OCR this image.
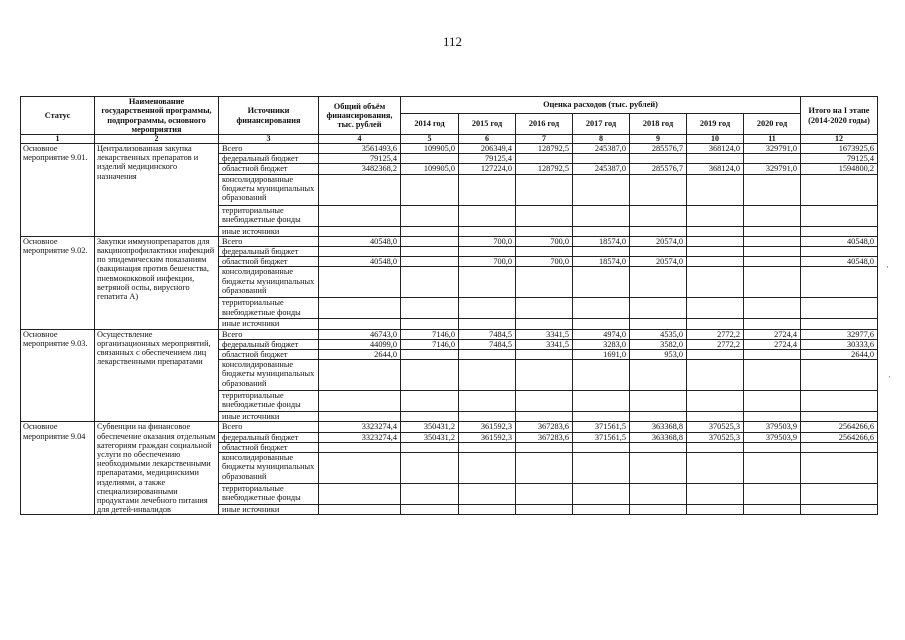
112
Статус	Наименование государственной программы, подпрограммы, основного мероприятия	Источники финансирования	Общий объём финансирования, тыс. рублей	Оценка расходов (тыс. рублей)							Итого на I этапе (2014-2020 годы)
				2014 год	2015 год	2016 год	2017 год	2018 год	2019 год	2020 год	
1	2	3	4	5	6	7	8	9	10	11	12
Основное мероприятие 9.01.	Централизованная закупка лекарственных препаратов и изделий медицинского назначения	Всего	3561493,6	109905,0	206349,4	128792,5	245387,0	285576,7	368124,0	329791,0	1673925,6
		федеральный бюджет	79125,4		79125,4						79125,4
		областной бюджет	3482368,2	109905,0	127224,0	128792,5	245387,0	285576,7	368124,0	329791,0	1594800,2
		консолидированные бюджеты муниципальных образований									
		территориальные внебюджетные фонды									
		иные источники									
Основное мероприятие 9.02.	Закупки иммунопрепаратов для вакцинопрофилактики инфекций по эпидемическим показаниям (вакцинация против бешенства, пневмококковой инфекции, ветряной оспы, вирусного гепатита А)	Всего	40548,0		700,0	700,0	18574,0	20574,0			40548,0
		федеральный бюджет									
		областной бюджет	40548,0		700,0	700,0	18574,0	20574,0			40548,0
		консолидированные бюджеты муниципальных образований									
		территориальные внебюджетные фонды									
		иные источники									
Основное мероприятие 9.03.	Осуществление организационных мероприятий, связанных с обеспечением лиц лекарственными препаратами	Всего	46743,0	7146,0	7484,5	3341,5	4974,0	4535,0	2772,2	2724,4	32977,6
		федеральный бюджет	44099,0	7146,0	7484,5	3341,5	3283,0	3582,0	2772,2	2724,4	30333,6
		областной бюджет	2644,0				1691,0	953,0			2644,0
		консолидированные бюджеты муниципальных образований									
		территориальные внебюджетные фонды									
		иные источники									
Основное мероприятие 9.04	Субвенции на финансовое обеспечение оказания отдельным категориям граждан социальной услуги по обеспечению необходимыми лекарственными препаратами, медицинскими изделиями, а также специализированными продуктами лечебного питания для детей-инвалидов	Всего	3323274,4	350431,2	361592,3	367283,6	371561,5	363368,8	370525,3	379503,9	2564266,6
		федеральный бюджет	3323274,4	350431,2	361592,3	367283,6	371561,5	363368,8	370525,3	379503,9	2564266,6
		областной бюджет									
		консолидированные бюджеты муниципальных образований									
		территориальные внебюджетные фонды									
		иные источники									
·
·
